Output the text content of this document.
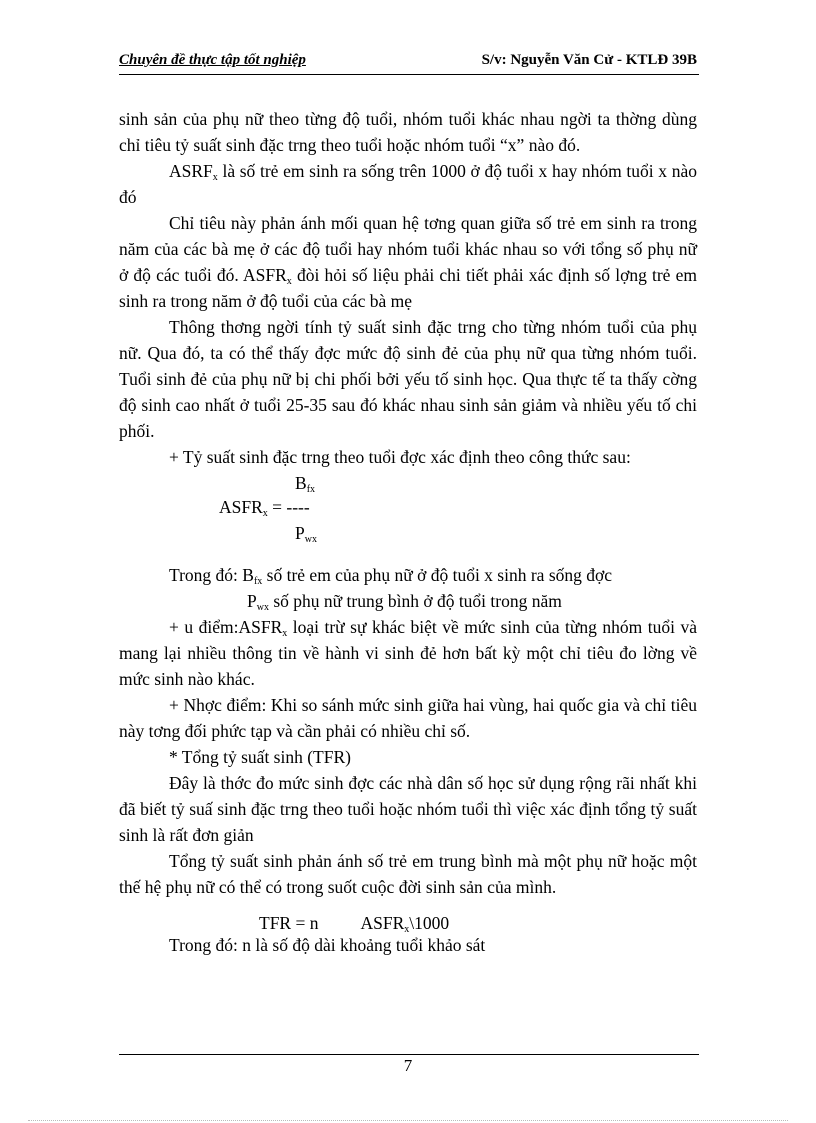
Chuyên đề thực tập tốt nghiệp	S/v: Nguyễn Văn Cử - KTLĐ 39B

sinh sản của phụ nữ theo từng độ tuổi, nhóm tuổi khác nhau ngời ta thờng dùng chỉ tiêu tỷ suất sinh đặc trng theo tuổi hoặc nhóm tuổi “x” nào đó.

$ASRF_x$ là số trẻ em sinh ra sống trên 1000 ở độ tuổi x hay nhóm tuổi x nào đó

Chỉ tiêu này phản ánh mối quan hệ tơng quan giữa số trẻ em sinh ra trong năm của các bà mẹ ở các độ tuổi hay nhóm tuổi khác nhau so với tổng số phụ nữ ở độ các tuổi đó. $ASFR_x$ đòi hỏi số liệu phải chi tiết phải xác định số lợng trẻ em sinh ra trong năm ở độ tuổi của các bà mẹ

Thông thơng ngời tính tỷ suất sinh đặc trng cho từng nhóm tuổi của phụ nữ. Qua đó, ta có thể thấy đợc mức độ sinh đẻ của phụ nữ qua từng nhóm tuổi. Tuổi sinh đẻ của phụ nữ bị chi phối bởi yếu tố sinh học. Qua thực tế ta thấy cờng độ sinh cao nhất ở tuổi 25-35 sau đó khác nhau sinh sản giảm và nhiều yếu tố chi phối.

+ Tỷ suất sinh đặc trng theo tuổi đợc xác định theo công thức sau:

$B_{fx}$
$ASFR_x$ = ----
$P_{wx}$

Trong đó: $B_{fx}$ số trẻ em của phụ nữ ở độ tuổi x sinh ra sống đợc

$P_{wx}$ số phụ nữ trung bình ở độ tuổi trong năm

+ u $điểm:ASFR_x$ loại trừ sự khác biệt về mức sinh của từng nhóm tuổi và mang lại nhiều thông tin về hành vi sinh đẻ hơn bất kỳ một chỉ tiêu đo lờng về mức sinh nào khác.

+ Nhợc điểm: Khi so sánh mức sinh giữa hai vùng, hai quốc gia và chỉ tiêu này tơng đối phức tạp và cần phải có nhiều chỉ số.

* Tổng tỷ suất sinh (TFR)

Đây là thớc đo mức sinh đợc các nhà dân số học sử dụng rộng rãi nhất khi đã biết tỷ suấ sinh đặc trng theo tuổi hoặc nhóm tuổi thì việc xác định tổng tỷ suất sinh là rất đơn giản

Tổng tỷ suất sinh phản ánh số trẻ em trung bình mà một phụ nữ hoặc một thế hệ phụ nữ có thể có trong suốt cuộc đời sinh sản của mình.

TFR = n $ASFR_x\backslash 1000$

Trong đó: n là số độ dài khoảng tuổi khảo sát

7
